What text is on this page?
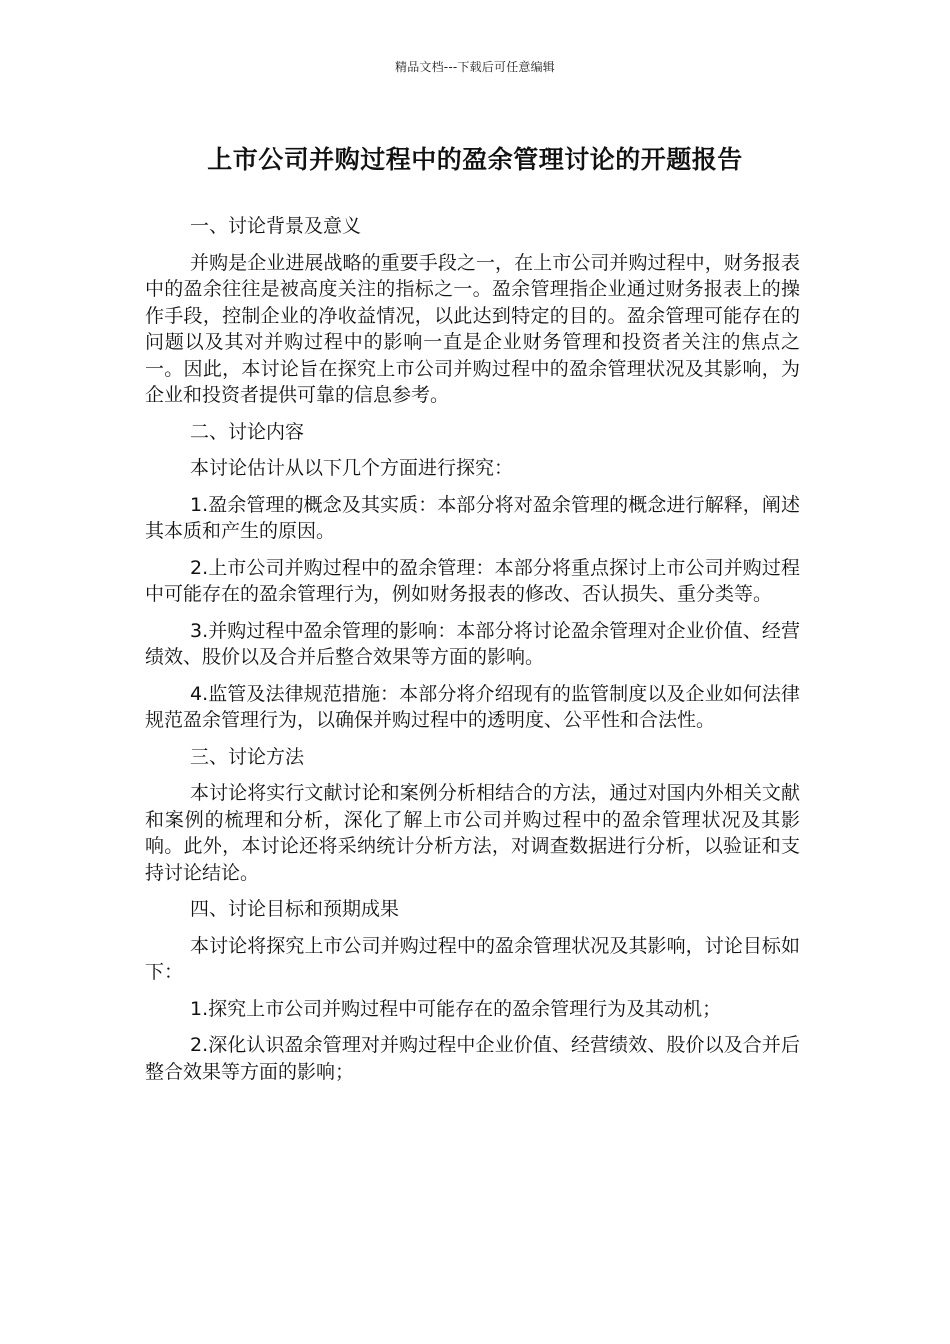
精品文档---下载后可任意编辑
上市公司并购过程中的盈余管理讨论的开题报告

一、讨论背景及意义

并购是企业进展战略的重要手段之一，在上市公司并购过程中，财务报表中的盈余往往是被高度关注的指标之一。盈余管理指企业通过财务报表上的操作手段，控制企业的净收益情况，以此达到特定的目的。盈余管理可能存在的问题以及其对并购过程中的影响一直是企业财务管理和投资者关注的焦点之一。因此，本讨论旨在探究上市公司并购过程中的盈余管理状况及其影响，为企业和投资者提供可靠的信息参考。

二、讨论内容

本讨论估计从以下几个方面进行探究：

1.盈余管理的概念及其实质：本部分将对盈余管理的概念进行解释，阐述其本质和产生的原因。

2.上市公司并购过程中的盈余管理：本部分将重点探讨上市公司并购过程中可能存在的盈余管理行为，例如财务报表的修改、否认损失、重分类等。

3.并购过程中盈余管理的影响：本部分将讨论盈余管理对企业价值、经营绩效、股价以及合并后整合效果等方面的影响。

4.监管及法律规范措施：本部分将介绍现有的监管制度以及企业如何法律规范盈余管理行为，以确保并购过程中的透明度、公平性和合法性。

三、讨论方法

本讨论将实行文献讨论和案例分析相结合的方法，通过对国内外相关文献和案例的梳理和分析，深化了解上市公司并购过程中的盈余管理状况及其影响。此外，本讨论还将采纳统计分析方法，对调查数据进行分析，以验证和支持讨论结论。

四、讨论目标和预期成果

本讨论将探究上市公司并购过程中的盈余管理状况及其影响，讨论目标如下：

1.探究上市公司并购过程中可能存在的盈余管理行为及其动机；

2.深化认识盈余管理对并购过程中企业价值、经营绩效、股价以及合并后整合效果等方面的影响；
